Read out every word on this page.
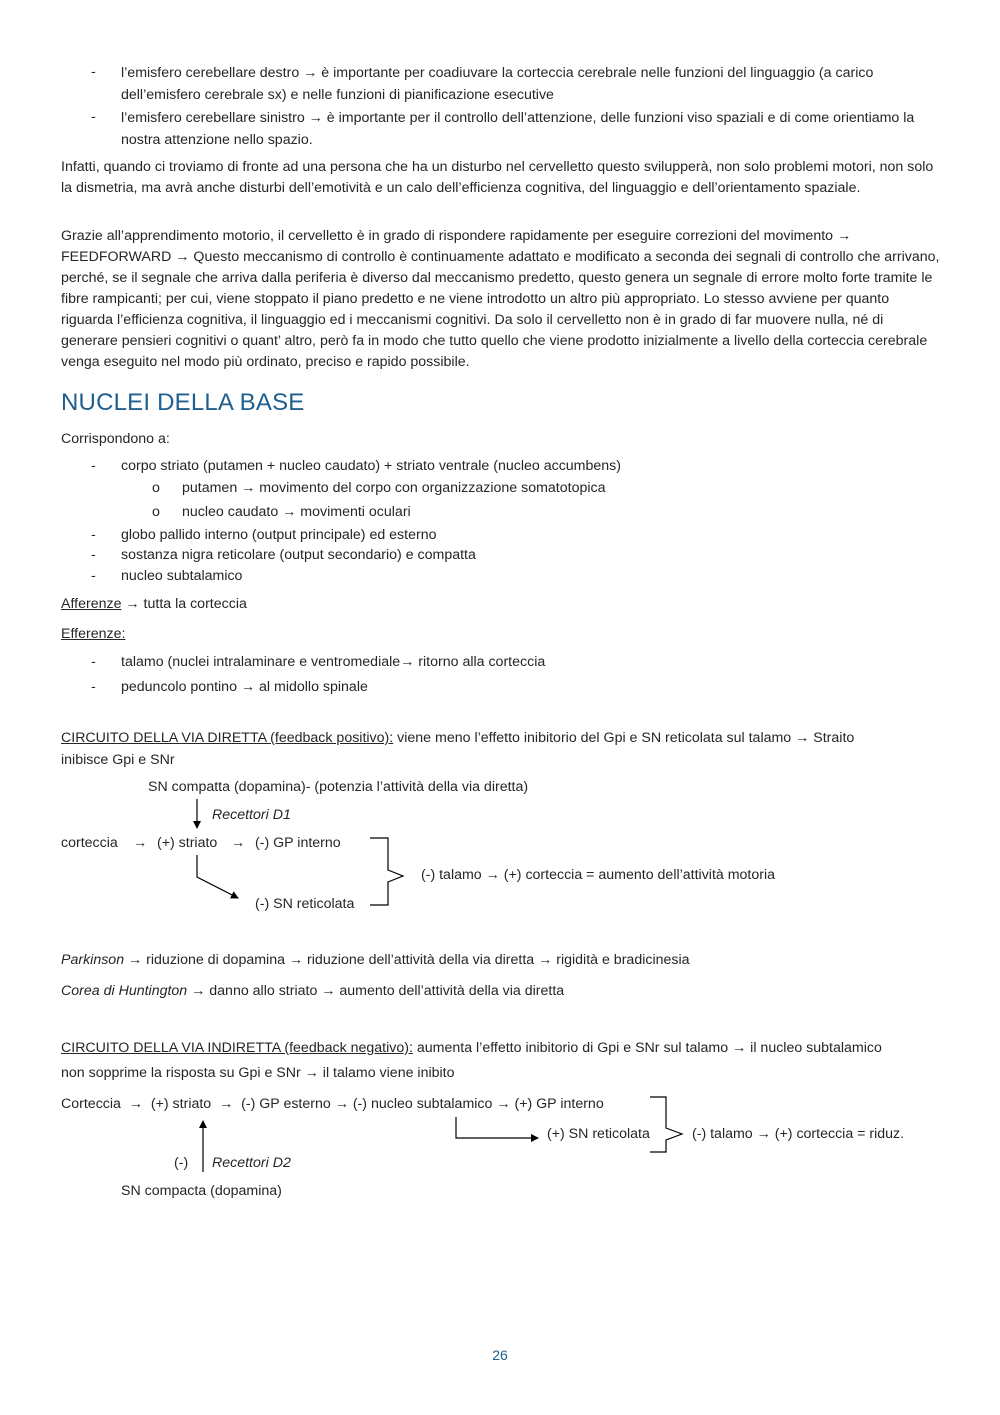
- l’emisfero cerebellare destro → è importante per coadiuvare la corteccia cerebrale nelle funzioni del linguaggio (a carico dell’emisfero cerebrale sx) e nelle funzioni di pianificazione esecutive
- l’emisfero cerebellare sinistro → è importante per il controllo dell’attenzione, delle funzioni viso spaziali e di come orientiamo la nostra attenzione nello spazio.
Infatti, quando ci troviamo di fronte ad una persona che ha un disturbo nel cervelletto questo svilupperà, non solo problemi motori, non solo la dismetria, ma avrà anche disturbi dell’emotività e un calo dell’efficienza cognitiva, del linguaggio e dell’orientamento spaziale.
Grazie all’apprendimento motorio, il cervelletto è in grado di rispondere rapidamente per eseguire correzioni del movimento → FEEDFORWARD → Questo meccanismo di controllo è continuamente adattato e modificato a seconda dei segnali di controllo che arrivano, perché, se il segnale che arriva dalla periferia è diverso dal meccanismo predetto, questo genera un segnale di errore molto forte tramite le fibre rampicanti; per cui, viene stoppato il piano predetto e ne viene introdotto un altro più appropriato. Lo stesso avviene per quanto riguarda l’efficienza cognitiva, il linguaggio ed i meccanismi cognitivi. Da solo il cervelletto non è in grado di far muovere nulla, né di generare pensieri cognitivi o quant’ altro, però fa in modo che tutto quello che viene prodotto inizialmente a livello della corteccia cerebrale venga eseguito nel modo più ordinato, preciso e rapido possibile.
NUCLEI DELLA BASE
Corrispondono a:
- corpo striato (putamen + nucleo caudato) + striato ventrale (nucleo accumbens)
o putamen → movimento del corpo con organizzazione somatotopica
o nucleo caudato → movimenti oculari
- globo pallido interno (output principale) ed esterno
- sostanza nigra reticolare (output secondario) e compatta
- nucleo subtalamico
Afferenze → tutta la corteccia
Efferenze:
- talamo (nuclei intralaminare e ventromediale→ ritorno alla corteccia
- peduncolo pontino → al midollo spinale
CIRCUITO DELLA VIA DIRETTA (feedback positivo): viene meno l’effetto inibitorio del Gpi e SN reticolata sul talamo → Straito
inibisce Gpi e SNr
SN compatta (dopamina)- (potenzia l’attività della via diretta)
Recettori D1
corteccia → (+) striato → (-) GP interno
(-) talamo → (+) corteccia = aumento dell’attività motoria
(-) SN reticolata
Parkinson → riduzione di dopamina → riduzione dell’attività della via diretta → rigidità e bradicinesia
Corea di Huntington → danno allo striato → aumento dell’attività della via diretta
CIRCUITO DELLA VIA INDIRETTA (feedback negativo): aumenta l’effetto inibitorio di Gpi e SNr sul talamo → il nucleo subtalamico
non sopprime la risposta su Gpi e SNr → il talamo viene inibito
Corteccia  →  (+) striato  →  (-) GP esterno → (-) nucleo subtalamico → (+) GP interno
(+) SN reticolata	(-) talamo → (+) corteccia = riduz.
(-) Recettori D2
SN compacta (dopamina)
26
